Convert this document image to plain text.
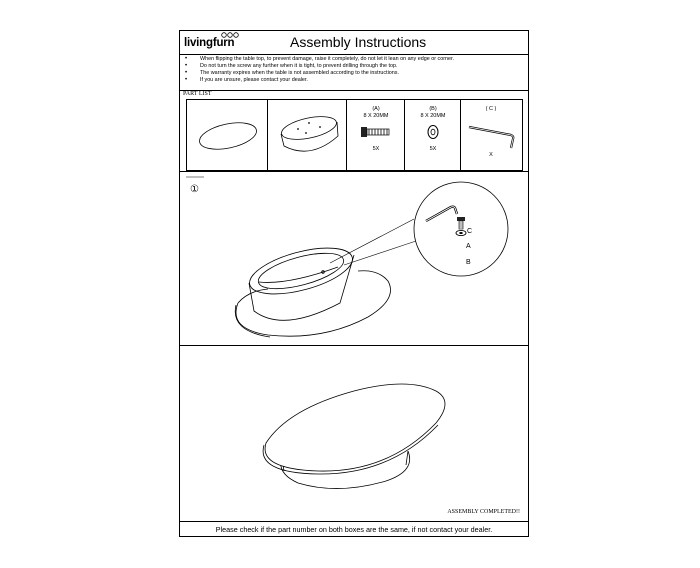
livingfurn	Assembly Instructions
• When flipping the table top, to prevent damage, raise it completely, do not let it lean on any edge or corner.
• Do not turn the screw any further when it is tight, to prevent drilling through the top.
• The warranty expires when the table is not assembled according to the instructions.
• If you are unsure, please contact your dealer.
PART LIST
(A)
8 X 20MM
5X
(B)
8 X 20MM
5X
( C )
X
①
C
A
B
ASSEMBLY COMPLETED!!
Please check if the part number on both boxes are the same, if not contact your dealer.
